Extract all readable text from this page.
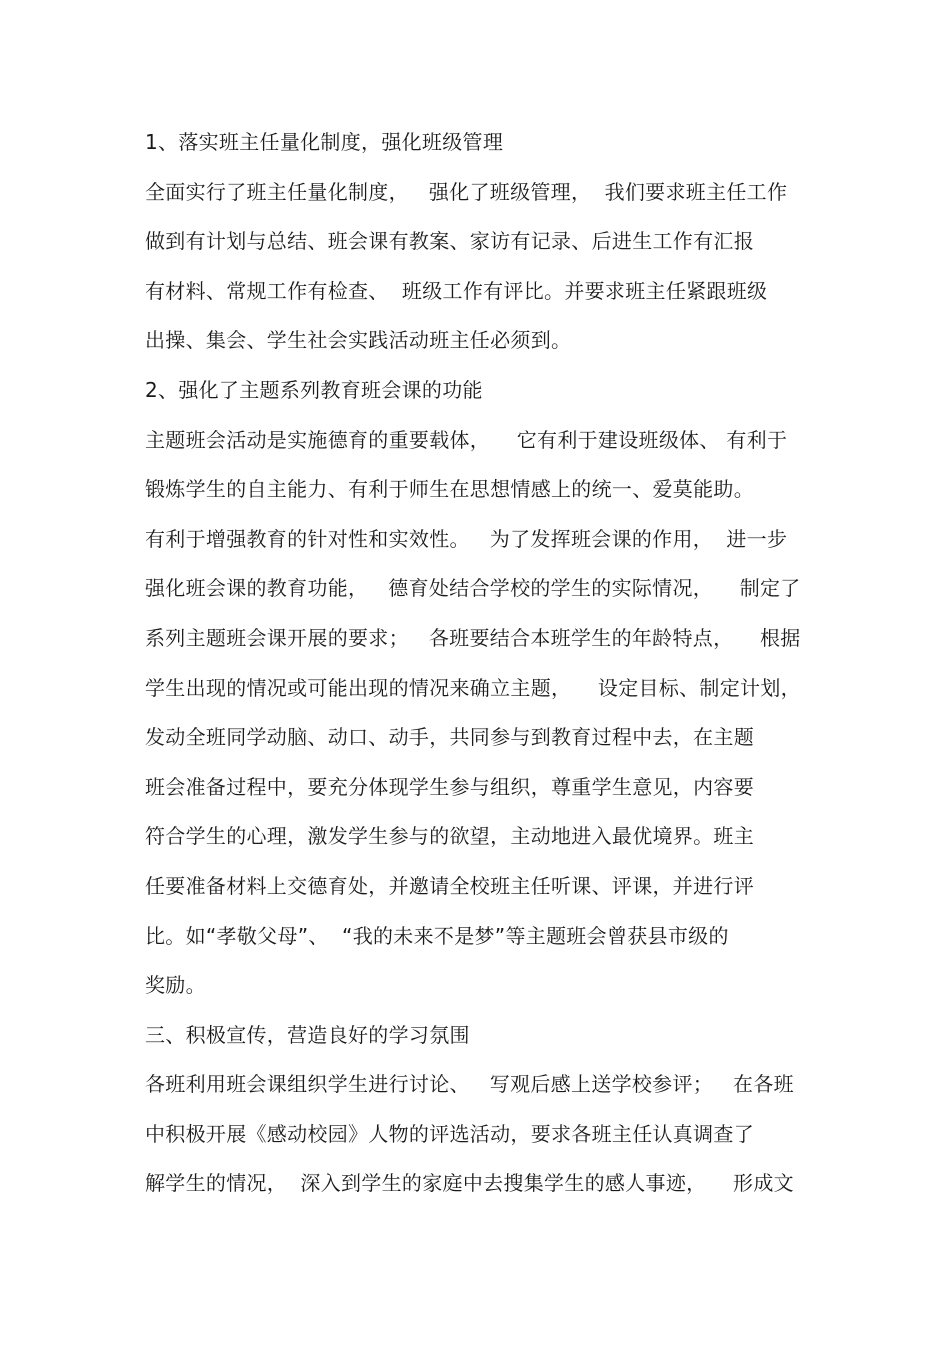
1、落实班主任量化制度，强化班级管理
全面实行了班主任量化制度，   强化了班级管理，  我们要求班主任工作
做到有计划与总结、班会课有教案、家访有记录、后进生工作有汇报
有材料、常规工作有检查、  班级工作有评比。并要求班主任紧跟班级
出操、集会、学生社会实践活动班主任必须到。
2、强化了主题系列教育班会课的功能
主题班会活动是实施德育的重要载体，    它有利于建设班级体、 有利于
锻炼学生的自主能力、有利于师生在思想情感上的统一、爱莫能助。
有利于增强教育的针对性和实效性。   为了发挥班会课的作用，  进一步
强化班会课的教育功能，   德育处结合学校的学生的实际情况，    制定了
系列主题班会课开展的要求；   各班要结合本班学生的年龄特点，    根据
学生出现的情况或可能出现的情况来确立主题，    设定目标、制定计划，
发动全班同学动脑、动口、动手，共同参与到教育过程中去，在主题
班会准备过程中，要充分体现学生参与组织，尊重学生意见，内容要
符合学生的心理，激发学生参与的欲望，主动地进入最优境界。班主
任要准备材料上交德育处，并邀请全校班主任听课、评课，并进行评
比。如“孝敬父母”、  “我的未来不是梦”等主题班会曾获县市级的
奖励。
三、积极宣传，营造良好的学习氛围
各班利用班会课组织学生进行讨论、   写观后感上送学校参评；   在各班
中积极开展《感动校园》人物的评选活动，要求各班主任认真调查了
解学生的情况，  深入到学生的家庭中去搜集学生的感人事迹，    形成文
